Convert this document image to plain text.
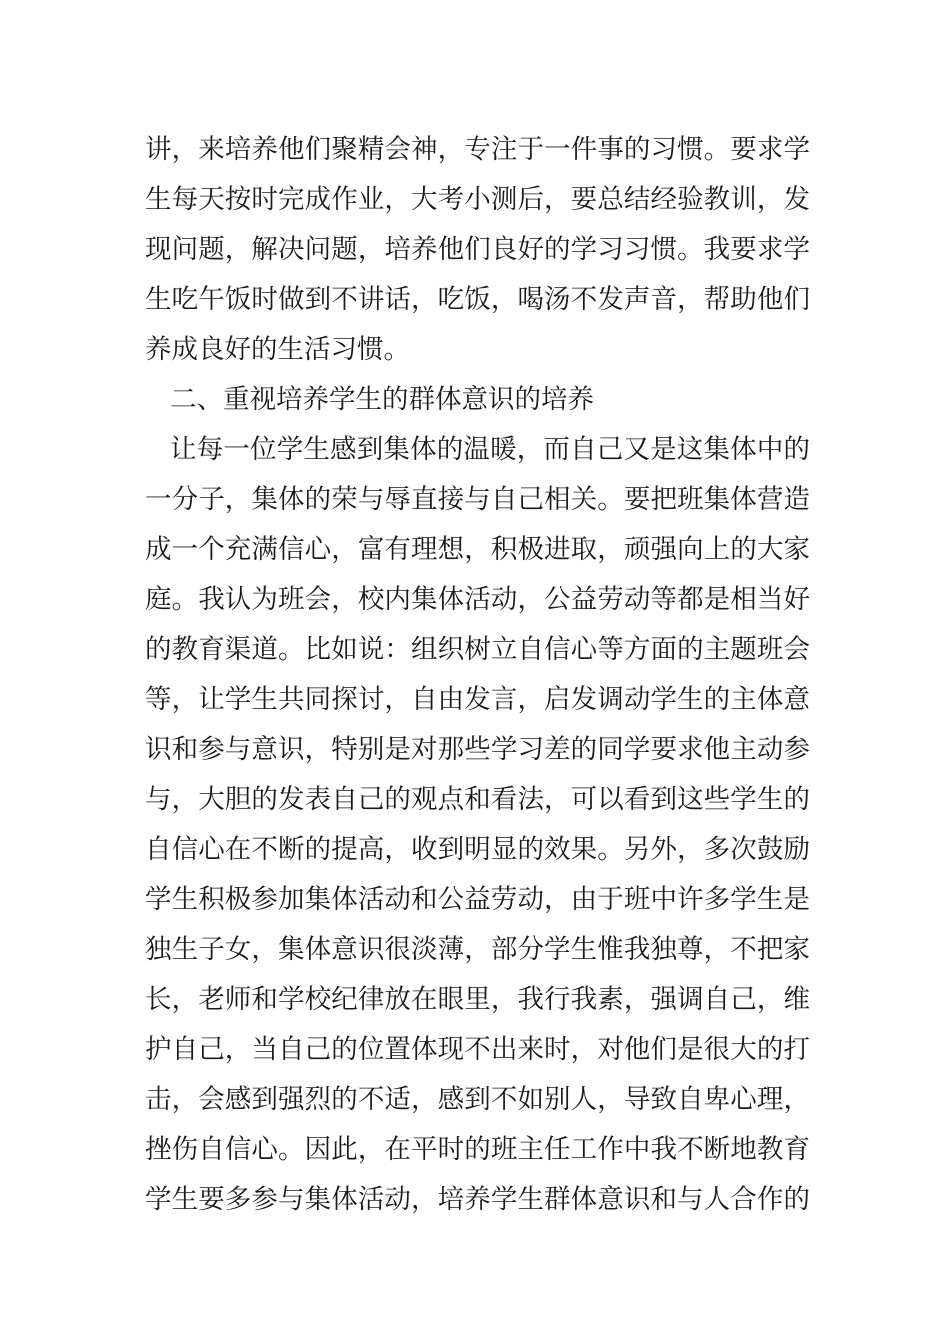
讲，来培养他们聚精会神，专注于一件事的习惯。要求学
生每天按时完成作业，大考小测后，要总结经验教训，发
现问题，解决问题，培养他们良好的学习习惯。我要求学
生吃午饭时做到不讲话，吃饭，喝汤不发声音，帮助他们
养成良好的生活习惯。
二、重视培养学生的群体意识的培养
让每一位学生感到集体的温暖，而自己又是这集体中的
一分子，集体的荣与辱直接与自己相关。要把班集体营造
成一个充满信心，富有理想，积极进取，顽强向上的大家
庭。我认为班会，校内集体活动，公益劳动等都是相当好
的教育渠道。比如说：组织树立自信心等方面的主题班会
等，让学生共同探讨，自由发言，启发调动学生的主体意
识和参与意识，特别是对那些学习差的同学要求他主动参
与，大胆的发表自己的观点和看法，可以看到这些学生的
自信心在不断的提高，收到明显的效果。另外，多次鼓励
学生积极参加集体活动和公益劳动，由于班中许多学生是
独生子女，集体意识很淡薄，部分学生惟我独尊，不把家
长，老师和学校纪律放在眼里，我行我素，强调自己，维
护自己，当自己的位置体现不出来时，对他们是很大的打
击，会感到强烈的不适，感到不如别人，导致自卑心理，
挫伤自信心。因此，在平时的班主任工作中我不断地教育
学生要多参与集体活动，培养学生群体意识和与人合作的
